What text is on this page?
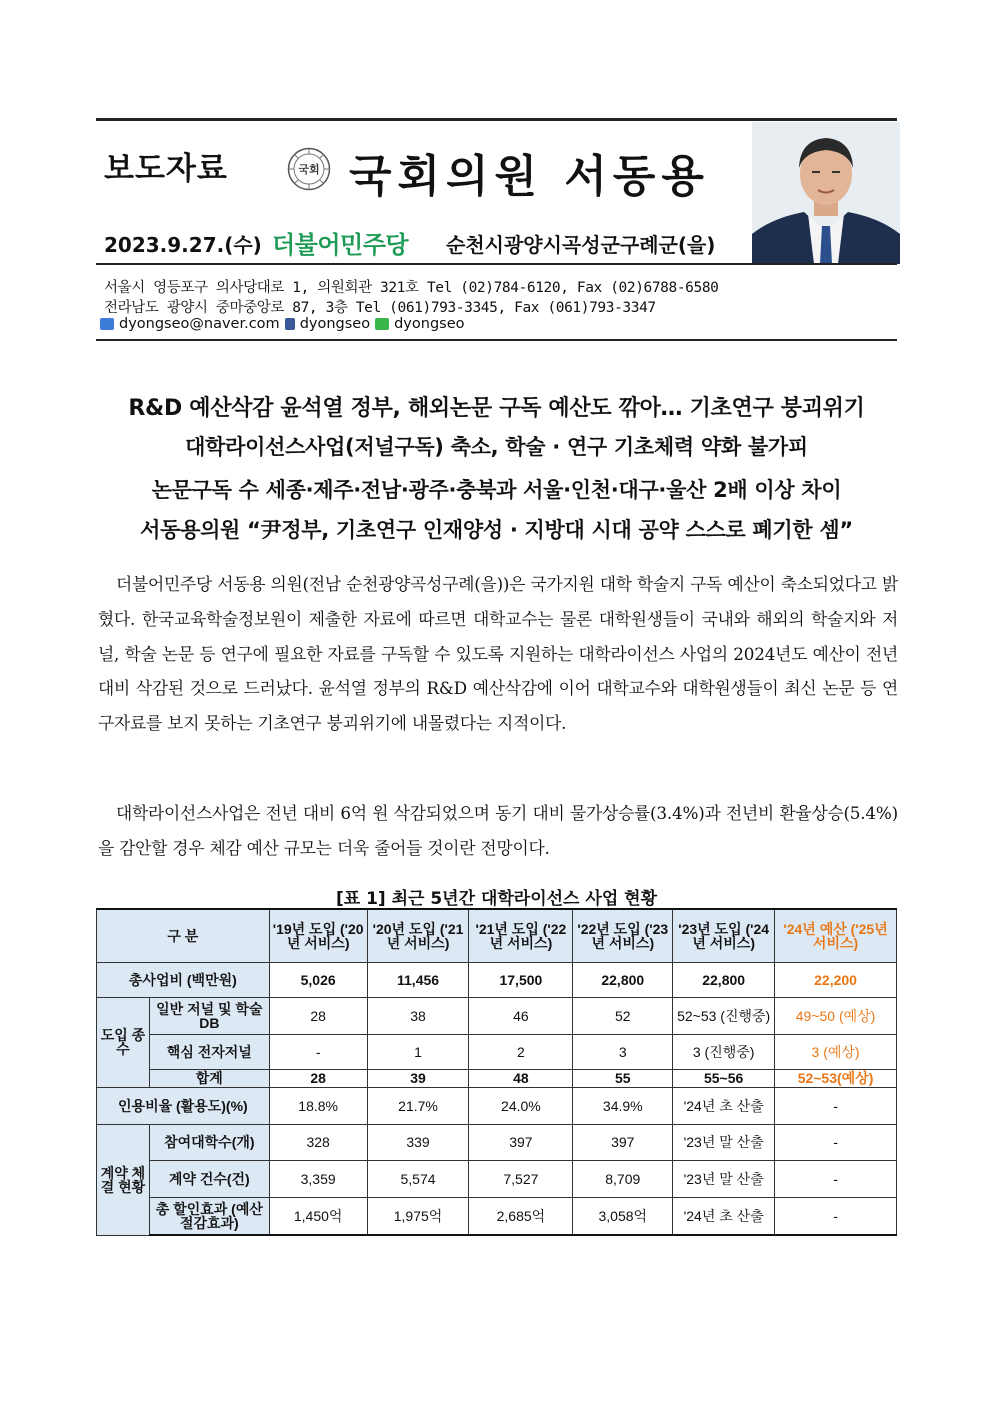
보도자료	국회 국회의원 서동용
2023.9.27.(수) 더불어민주당 순천시광양시곡성군구례군(을)
서울시 영등포구 의사당대로 1, 의원회관 321호 Tel (02)784-6120, Fax (02)6788-6580
전라남도 광양시 중마중앙로 87, 3층 Tel (061)793-3345, Fax (061)793-3347
dyongseo@naver.com dyongseo dyongseo
R&D 예산삭감 윤석열 정부, 해외논문 구독 예산도 깎아… 기초연구 붕괴위기
대학라이선스사업(저널구독) 축소, 학술 · 연구 기초체력 약화 불가피
논문구독 수 세종·제주·전남·광주·충북과 서울·인천·대구·울산 2배 이상 차이
서동용의원 “尹정부, 기초연구 인재양성 · 지방대 시대 공약 스스로 폐기한 셈”
더불어민주당 서동용 의원(전남 순천광양곡성구례(을))은 국가지원 대학 학술지 구독 예산이 축소되었다고 밝혔다. 한국교육학술정보원이 제출한 자료에 따르면 대학교수는 물론 대학원생들이 국내와 해외의 학술지와 저널, 학술 논문 등 연구에 필요한 자료를 구독할 수 있도록 지원하는 대학라이선스 사업의 2024년도 예산이 전년 대비 삭감된 것으로 드러났다. 윤석열 정부의 R&D 예산삭감에 이어 대학교수와 대학원생들이 최신 논문 등 연구자료를 보지 못하는 기초연구 붕괴위기에 내몰렸다는 지적이다.
대학라이선스사업은 전년 대비 6억 원 삭감되었으며 동기 대비 물가상승률(3.4%)과 전년비 환율상승(5.4%)을 감안할 경우 체감 예산 규모는 더욱 줄어들 것이란 전망이다.
[표 1] 최근 5년간 대학라이선스 사업 현황
구 분		'19년 도입 ('20년 서비스)	'20년 도입 ('21년 서비스)	'21년 도입 ('22년 서비스)	'22년 도입 ('23년 서비스)	'23년 도입 ('24년 서비스)	'24년 예산 ('25년 서비스)
총사업비 (백만원)		5,026	11,456	17,500	22,800	22,800	22,200
도입 종수	일반 저널 및 학술DB	28	38	46	52	52~53 (진행중)	49~50 (예상)
	핵심 전자저널	-	1	2	3	3 (진행중)	3 (예상)
	합계	28	39	48	55	55~56	52~53(예상)
인용비율 (활용도)(%)		18.8%	21.7%	24.0%	34.9%	'24년 초 산출	-
계약 체결 현황	참여대학수(개)	328	339	397	397	'23년 말 산출	-
	계약 건수(건)	3,359	5,574	7,527	8,709	'23년 말 산출	-
	총 할인효과 (예산절감효과)	1,450억	1,975억	2,685억	3,058억	'24년 초 산출	-
